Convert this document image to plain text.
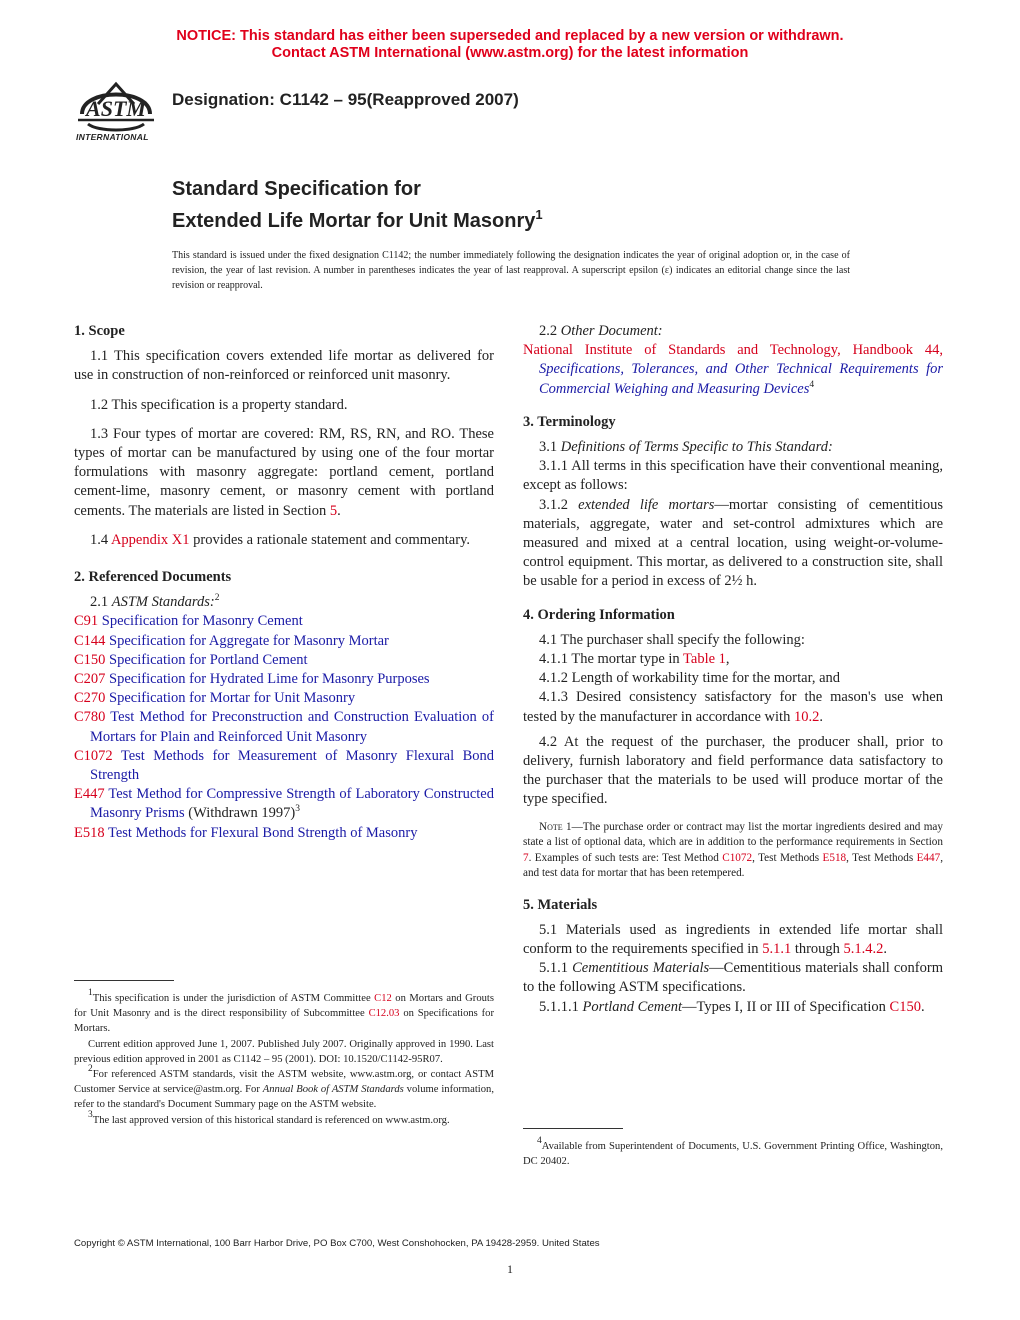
NOTICE: This standard has either been superseded and replaced by a new version or withdrawn.
Contact ASTM International (www.astm.org) for the latest information
ASTM
INTERNATIONAL
Designation: C1142 – 95(Reapproved 2007)
Standard Specification for
Extended Life Mortar for Unit Masonry$^1$
This standard is issued under the fixed designation C1142; the number immediately following the designation indicates the year of original adoption or, in the case of revision, the year of last revision. A number in parentheses indicates the year of last reapproval. A superscript epsilon (ε) indicates an editorial change since the last revision or reapproval.
1. Scope

1.1 This specification covers extended life mortar as delivered for use in construction of non-reinforced or reinforced unit masonry.

1.2 This specification is a property standard.

1.3 Four types of mortar are covered: RM, RS, RN, and RO. These types of mortar can be manufactured by using one of the four mortar formulations with masonry aggregate: portland cement, portland cement-lime, masonry cement, or masonry cement with portland cements. The materials are listed in Section 5.

1.4 Appendix X1 provides a rationale statement and commentary.

2. Referenced Documents

2.1 ASTM Standards:$^2$

C91 Specification for Masonry Cement

C144 Specification for Aggregate for Masonry Mortar

C150 Specification for Portland Cement

C207 Specification for Hydrated Lime for Masonry Purposes

C270 Specification for Mortar for Unit Masonry

C780 Test Method for Preconstruction and Construction Evaluation of Mortars for Plain and Reinforced Unit Masonry

C1072 Test Methods for Measurement of Masonry Flexural Bond Strength

E447 Test Method for Compressive Strength of Laboratory Constructed Masonry Prisms (Withdrawn 1997)$^3$

E518 Test Methods for Flexural Bond Strength of Masonry

$^1$This specification is under the jurisdiction of ASTM Committee C12 on Mortars and Grouts for Unit Masonry and is the direct responsibility of Subcommittee C12.03 on Specifications for Mortars.

Current edition approved June 1, 2007. Published July 2007. Originally approved in 1990. Last previous edition approved in 2001 as C1142 – 95 (2001). DOI: 10.1520/C1142-95R07.

$^2$For referenced ASTM standards, visit the ASTM website, www.astm.org, or contact ASTM Customer Service at service@astm.org. For Annual Book of ASTM Standards volume information, refer to the standard's Document Summary page on the ASTM website.

$^3$The last approved version of this historical standard is referenced on www.astm.org.

2.2 Other Document:

National Institute of Standards and Technology, Handbook 44, Specifications, Tolerances, and Other Technical Requirements for Commercial Weighing and Measuring Devices$^4$

3. Terminology

3.1 Definitions of Terms Specific to This Standard:

3.1.1 All terms in this specification have their conventional meaning, except as follows:

3.1.2 extended life mortars—mortar consisting of cementitious materials, aggregate, water and set-control admixtures which are measured and mixed at a central location, using weight-or-volume-control equipment. This mortar, as delivered to a construction site, shall be usable for a period in excess of 2½ h.

4. Ordering Information

4.1 The purchaser shall specify the following:

4.1.1 The mortar type in Table 1,

4.1.2 Length of workability time for the mortar, and

4.1.3 Desired consistency satisfactory for the mason's use when tested by the manufacturer in accordance with 10.2.

4.2 At the request of the purchaser, the producer shall, prior to delivery, furnish laboratory and field performance data satisfactory to the purchaser that the materials to be used will produce mortar of the type specified.

Note 1—The purchase order or contract may list the mortar ingredients desired and may state a list of optional data, which are in addition to the performance requirements in Section 7. Examples of such tests are: Test Method C1072, Test Methods E518, Test Methods E447, and test data for mortar that has been retempered.

5. Materials

5.1 Materials used as ingredients in extended life mortar shall conform to the requirements specified in 5.1.1 through 5.1.4.2.

5.1.1 Cementitious Materials—Cementitious materials shall conform to the following ASTM specifications.

5.1.1.1 Portland Cement—Types I, II or III of Specification C150.

$^4$Available from Superintendent of Documents, U.S. Government Printing Office, Washington, DC 20402.

Copyright © ASTM International, 100 Barr Harbor Drive, PO Box C700, West Conshohocken, PA 19428-2959. United States
1
